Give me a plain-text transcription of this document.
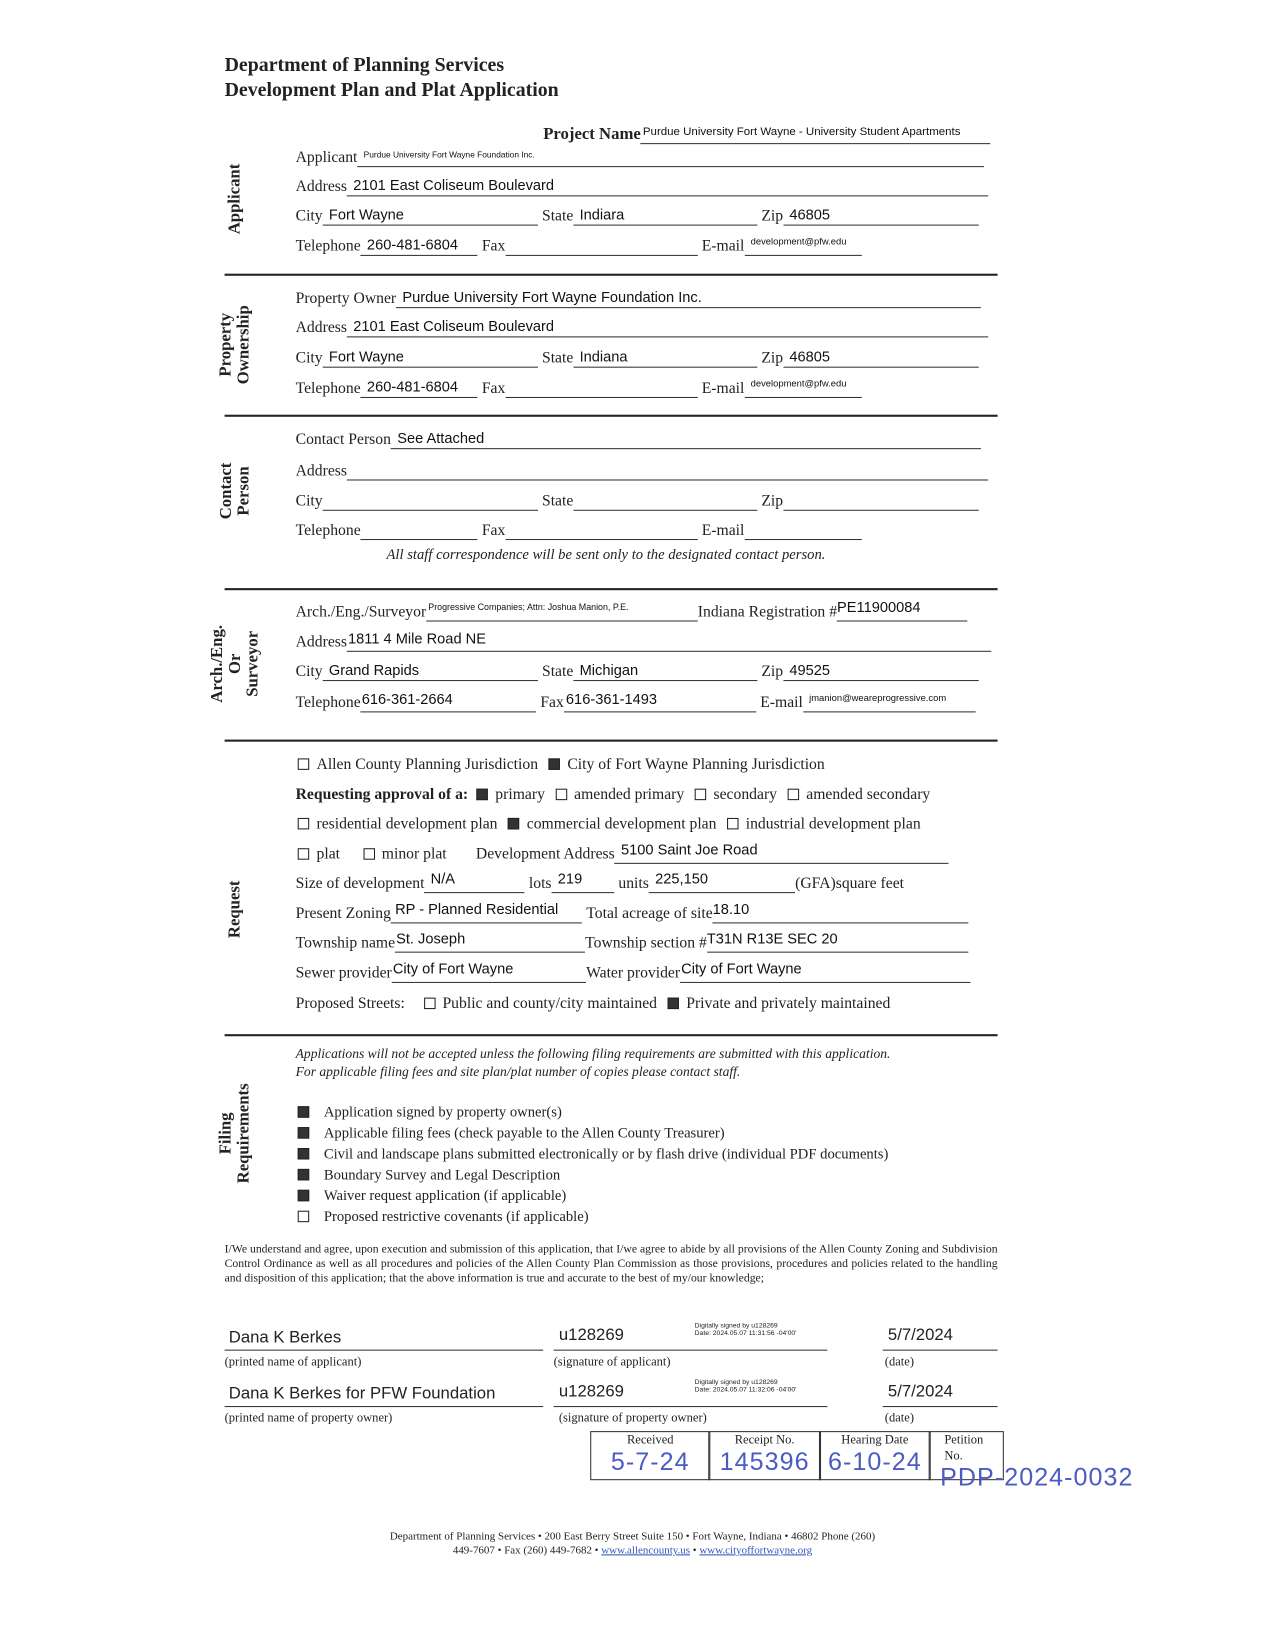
Department of Planning Services
Development Plan and Plat Application
Project Name Purdue University Fort Wayne - University Student Apartments
Applicant
Applicant Purdue University Fort Wayne Foundation Inc.
Address 2101 East Coliseum Boulevard
City Fort Wayne	State Indiara	Zip 46805
Telephone 260-481-6804 Fax	E-mail development@pfw.edu
Property Ownership
Property Owner Purdue University Fort Wayne Foundation Inc.
Address 2101 East Coliseum Boulevard
City Fort Wayne	State Indiana	Zip 46805
Telephone 260-481-6804 Fax	E-mail development@pfw.edu
Contact Person
Contact Person See Attached
Address
City	State	Zip
Telephone	Fax	E-mail
All staff correspondence will be sent only to the designated contact person.
Arch./Eng. Or Surveyor
Arch./Eng./Surveyor Progressive Companies; Attn: Joshua Manion, P.E.	Indiana Registration # PE11900084
Address 1811 4 Mile Road NE
City Grand Rapids	State Michigan	Zip 49525
Telephone 616-361-2664	Fax 616-361-1493	E-mail jmanion@weareprogressive.com
Request
Allen County Planning Jurisdiction	City of Fort Wayne Planning Jurisdiction
Requesting approval of a:	primary	amended primary	secondary	amended secondary
residential development plan	commercial development plan	industrial development plan
plat	minor plat Development Address 5100 Saint Joe Road
Size of development N/A	lots 219 units 225,150	(GFA)square feet
Present Zoning RP - Planned Residential Total acreage of site 18.10
Township name St. Joseph	Township section # T31N R13E SEC 20
Sewer provider City of Fort Wayne	Water provider City of Fort Wayne
Proposed Streets:	Public and county/city maintained	Private and privately maintained
Filing Requirements
Applications will not be accepted unless the following filing requirements are submitted with this application.
For applicable filing fees and site plan/plat number of copies please contact staff.
Application signed by property owner(s)
Applicable filing fees (check payable to the Allen County Treasurer)
Civil and landscape plans submitted electronically or by flash drive (individual PDF documents)
Boundary Survey and Legal Description
Waiver request application (if applicable)
Proposed restrictive covenants (if applicable)
I/We understand and agree, upon execution and submission of this application, that I/we agree to abide by all provisions of the Allen County Zoning and Subdivision Control Ordinance as well as all procedures and policies of the Allen County Plan Commission as those provisions, procedures and policies related to the handling and disposition of this application; that the above information is true and accurate to the best of my/our knowledge;
Dana K Berkes
(printed name of applicant)
u128269
Digitally signed by u128269
Date: 2024.05.07 11:31:56 -04'00'
(signature of applicant)
5/7/2024
(date)
Dana K Berkes for PFW Foundation
(printed name of property owner)
u128269
Digitally signed by u128269
Date: 2024.05.07 11:32:06 -04'00'
(signature of property owner)
5/7/2024
(date)
Received
5-7-24
Receipt No.
145396
Hearing Date
6-10-24
Petition No.
PDP-2024-0032
Department of Planning Services • 200 East Berry Street Suite 150 • Fort Wayne, Indiana • 46802 Phone (260)
449-7607 • Fax (260) 449-7682 • www.allencounty.us • www.cityoffortwayne.org
